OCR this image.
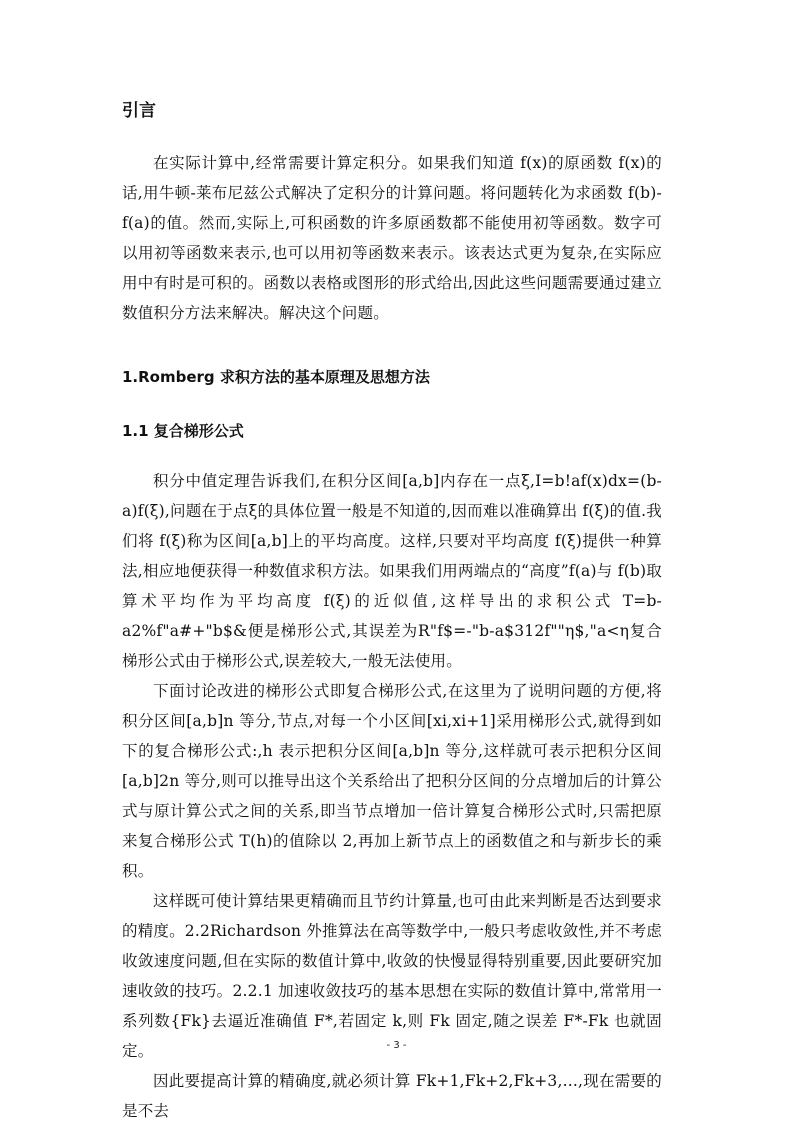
引言

在实际计算中,经常需要计算定积分。如果我们知道 f(x)的原函数 f(x)的话,用牛顿-莱布尼兹公式解决了定积分的计算问题。将问题转化为求函数 f(b)-f(a)的值。然而,实际上,可积函数的许多原函数都不能使用初等函数。数字可以用初等函数来表示,也可以用初等函数来表示。该表达式更为复杂,在实际应用中有时是可积的。函数以表格或图形的形式给出,因此这些问题需要通过建立数值积分方法来解决。解决这个问题。

1.Romberg 求积方法的基本原理及思想方法

1.1 复合梯形公式

积分中值定理告诉我们,在积分区间[a,b]内存在一点ξ,I=b!af(x)dx=(b-a)f(ξ),问题在于点ξ的具体位置一般是不知道的,因而难以准确算出 f(ξ)的值.我们将 f(ξ)称为区间[a,b]上的平均高度。这样,只要对平均高度 f(ξ)提供一种算法,相应地便获得一种数值求积方法。如果我们用两端点的“高度”f(a)与 f(b)取算术平均作为平均高度 f(ξ)的近似值,这样导出的求积公式 T=b-a2%f"a#+"b$&便是梯形公式,其误差为R"f$=-"b-a$312f""η$,"a<η复合梯形公式由于梯形公式,误差较大,一般无法使用。

下面讨论改进的梯形公式即复合梯形公式,在这里为了说明问题的方便,将积分区间[a,b]n 等分,节点,对每一个小区间[xi,xi+1]采用梯形公式,就得到如下的复合梯形公式:,h 表示把积分区间[a,b]n 等分,这样就可表示把积分区间[a,b]2n 等分,则可以推导出这个关系给出了把积分区间的分点增加后的计算公式与原计算公式之间的关系,即当节点增加一倍计算复合梯形公式时,只需把原来复合梯形公式 T(h)的值除以 2,再加上新节点上的函数值之和与新步长的乘积。

这样既可使计算结果更精确而且节约计算量,也可由此来判断是否达到要求的精度。2.2Richardson 外推算法在高等数学中,一般只考虑收敛性,并不考虑收敛速度问题,但在实际的数值计算中,收敛的快慢显得特别重要,因此要研究加速收敛的技巧。2.2.1 加速收敛技巧的基本思想在实际的数值计算中,常常用一系列数{Fk}去逼近准确值 F*,若固定 k,则 Fk 固定,随之误差 F*-Fk 也就固定。

因此要提高计算的精确度,就必须计算 Fk+1,Fk+2,Fk+3,...,现在需要的是不去

- 3 -
